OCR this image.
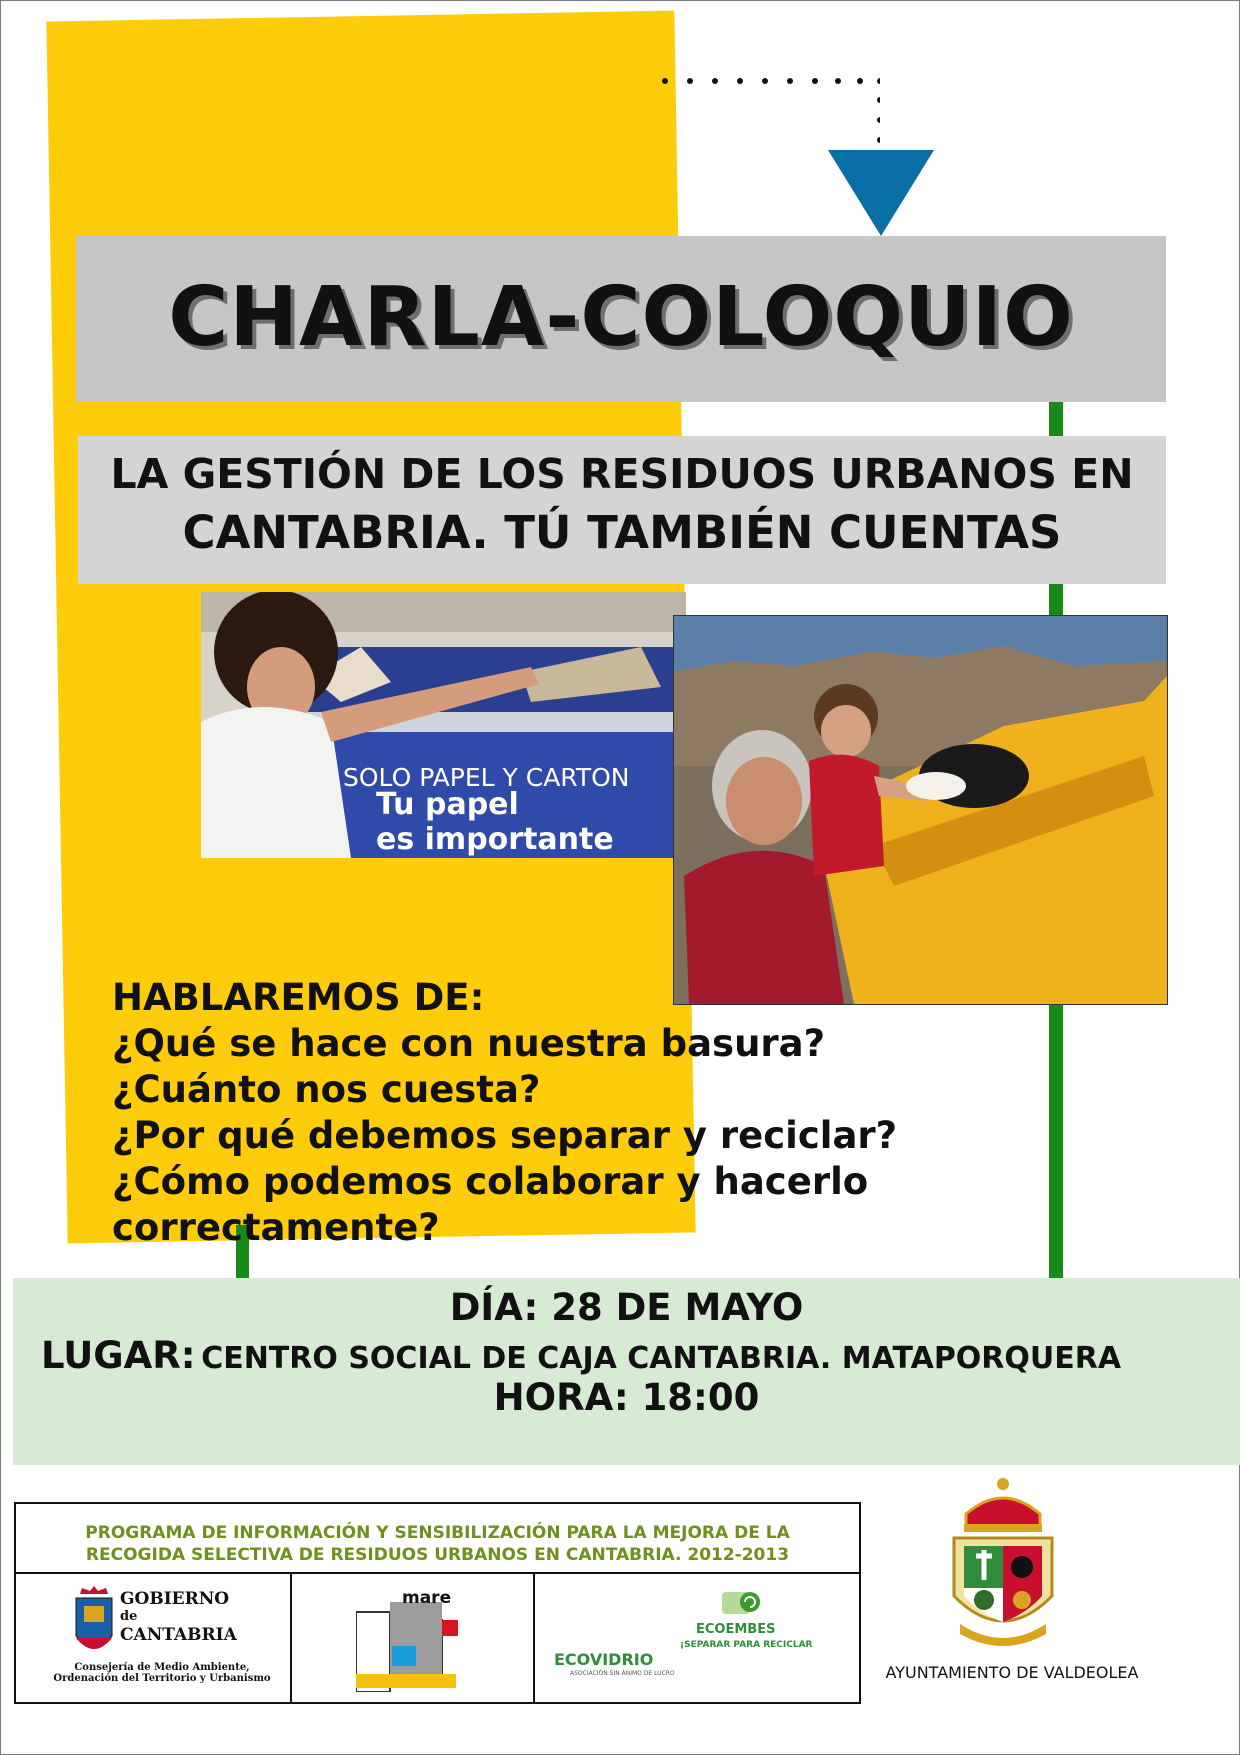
CHARLA-COLOQUIO
LA GESTIÓN DE LOS RESIDUOS URBANOS EN
CANTABRIA. TÚ TAMBIÉN CUENTAS
SOLO PAPEL Y CARTON
Tu papel
es importante
HABLAREMOS DE:
¿Qué se hace con nuestra basura?
¿Cuánto nos cuesta?
¿Por qué debemos separar y reciclar?
¿Cómo podemos colaborar y hacerlo
correctamente?
DÍA: 28 DE MAYO
LUGAR: CENTRO SOCIAL DE CAJA CANTABRIA. MATAPORQUERA
HORA: 18:00
PROGRAMA DE INFORMACIÓN Y SENSIBILIZACIÓN PARA LA MEJORA DE LA
RECOGIDA SELECTIVA DE RESIDUOS URBANOS EN CANTABRIA. 2012-2013
GOBIERNO
de
CANTABRIA
Consejería de Medio Ambiente,
Ordenación del Territorio y Urbanismo
mare
ECOVIDRIO
ASOCIACIÓN SIN ÁNIMO DE LUCRO
ECOEMBES
¡SEPARAR PARA RECICLAR
AYUNTAMIENTO DE VALDEOLEA
